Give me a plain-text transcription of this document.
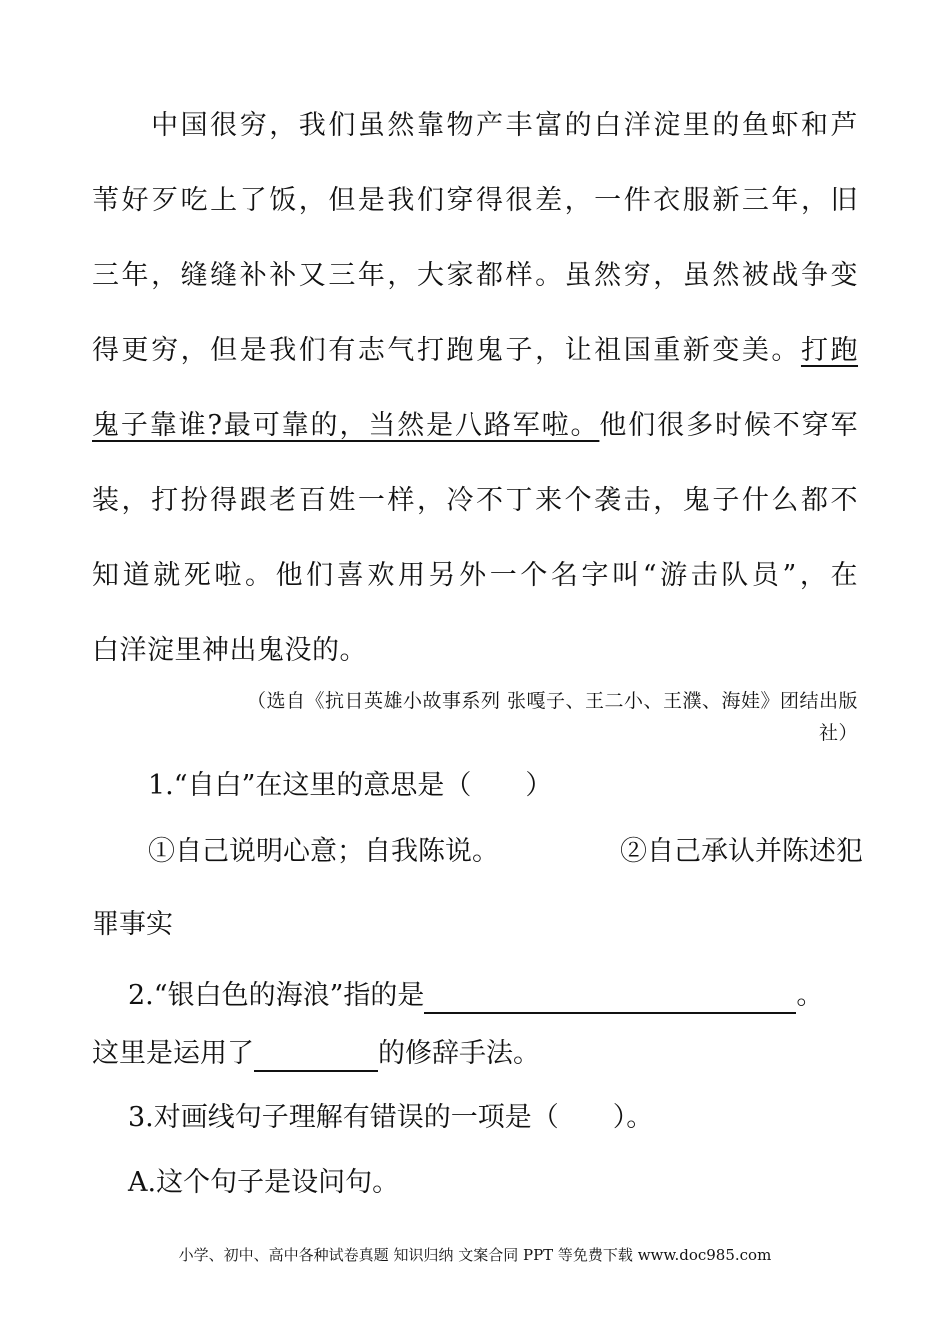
　　中国很穷，我们虽然靠物产丰富的白洋淀里的鱼虾和芦
苇好歹吃上了饭，但是我们穿得很差，一件衣服新三年，旧
三年，缝缝补补又三年，大家都样。虽然穷，虽然被战争变
得更穷，但是我们有志气打跑鬼子，让祖国重新变美。打跑
鬼子靠谁?最可靠的，当然是八路军啦。他们很多时候不穿军
装，打扮得跟老百姓一样，冷不丁来个袭击，鬼子什么都不
知道就死啦。他们喜欢用另外一个名字叫“游击队员”，在
白洋淀里神出鬼没的。
（选自《抗日英雄小故事系列 张嘎子、王二小、王濮、海娃》团结出版
社）
1.“自白”在这里的意思是（　　）
①自己说明心意；自我陈说。	②自己承认并陈述犯
罪事实
2.“银白色的海浪”指的是	。
这里是运用了	的修辞手法。
3.对画线句子理解有错误的一项是（　　）。
A.这个句子是设问句。
小学、初中、高中各种试卷真题 知识归纳 文案合同 PPT 等免费下载 www.doc985.com
